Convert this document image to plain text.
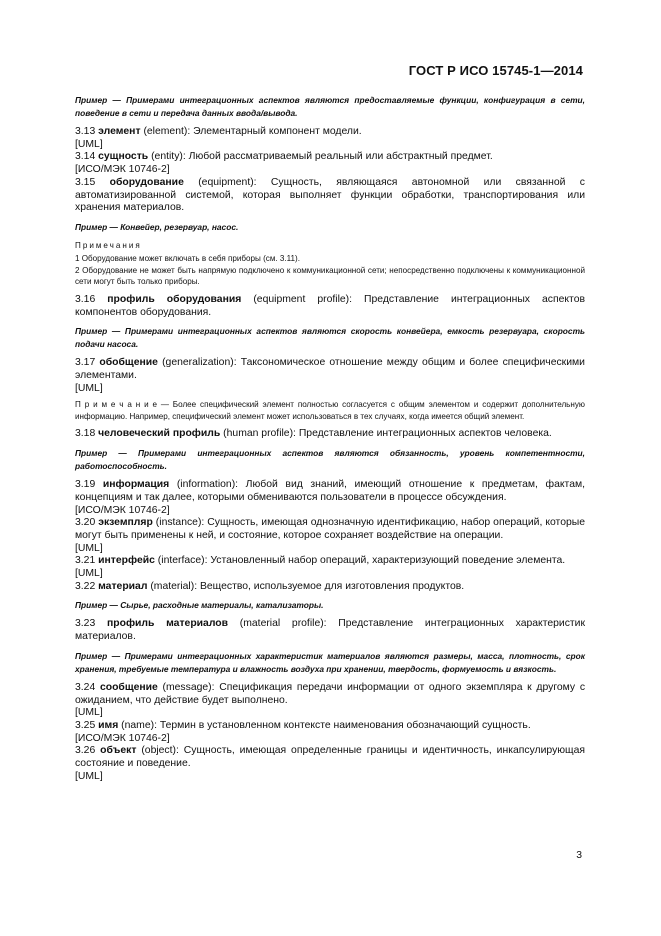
ГОСТ Р ИСО 15745-1—2014

Пример — Примерами интеграционных аспектов являются предоставляемые функции, конфигурация в сети, поведение в сети и передача данных ввода/вывода.

3.13 элемент (element): Элементарный компонент модели.

[UML]

3.14 сущность (entity): Любой рассматриваемый реальный или абстрактный предмет.

[ИСО/МЭК 10746-2]

3.15 оборудование (equipment): Сущность, являющаяся автономной или связанной с автоматизированной системой, которая выполняет функции обработки, транспортирования или хранения материалов.

Пример — Конвейер, резервуар, насос.

Примечания

1 Оборудование может включать в себя приборы (см. 3.11).

2 Оборудование не может быть напрямую подключено к коммуникационной сети; непосредственно подключены к коммуникационной сети могут быть только приборы.

3.16 профиль оборудования (equipment profile): Представление интеграционных аспектов компонентов оборудования.

Пример — Примерами интеграционных аспектов являются скорость конвейера, емкость резервуара, скорость подачи насоса.

3.17 обобщение (generalization): Таксономическое отношение между общим и более специфическими элементами.

[UML]

П р и м е ч а н и е — Более специфический элемент полностью согласуется с общим элементом и содержит дополнительную информацию. Например, специфический элемент может использоваться в тех случаях, когда имеется общий элемент.

3.18 человеческий профиль (human profile): Представление интеграционных аспектов человека.

Пример — Примерами интеграционных аспектов являются обязанность, уровень компетентности, работоспособность.

3.19 информация (information): Любой вид знаний, имеющий отношение к предметам, фактам, концепциям и так далее, которыми обмениваются пользователи в процессе обсуждения.

[ИСО/МЭК 10746-2]

3.20 экземпляр (instance): Сущность, имеющая однозначную идентификацию, набор операций, которые могут быть применены к ней, и состояние, которое сохраняет воздействие на операции.

[UML]

3.21 интерфейс (interface): Установленный набор операций, характеризующий поведение элемента.

[UML]

3.22 материал (material): Вещество, используемое для изготовления продуктов.

Пример — Сырье, расходные материалы, катализаторы.

3.23 профиль материалов (material profile): Представление интеграционных характеристик материалов.

Пример — Примерами интеграционных характеристик материалов являются размеры, масса, плотность, срок хранения, требуемые температура и влажность воздуха при хранении, твердость, формуемость и вязкость.

3.24 сообщение (message): Спецификация передачи информации от одного экземпляра к другому с ожиданием, что действие будет выполнено.

[UML]

3.25 имя (name): Термин в установленном контексте наименования обозначающий сущность.

[ИСО/МЭК 10746-2]

3.26 объект (object): Сущность, имеющая определенные границы и идентичность, инкапсулирующая состояние и поведение.

[UML]

3
